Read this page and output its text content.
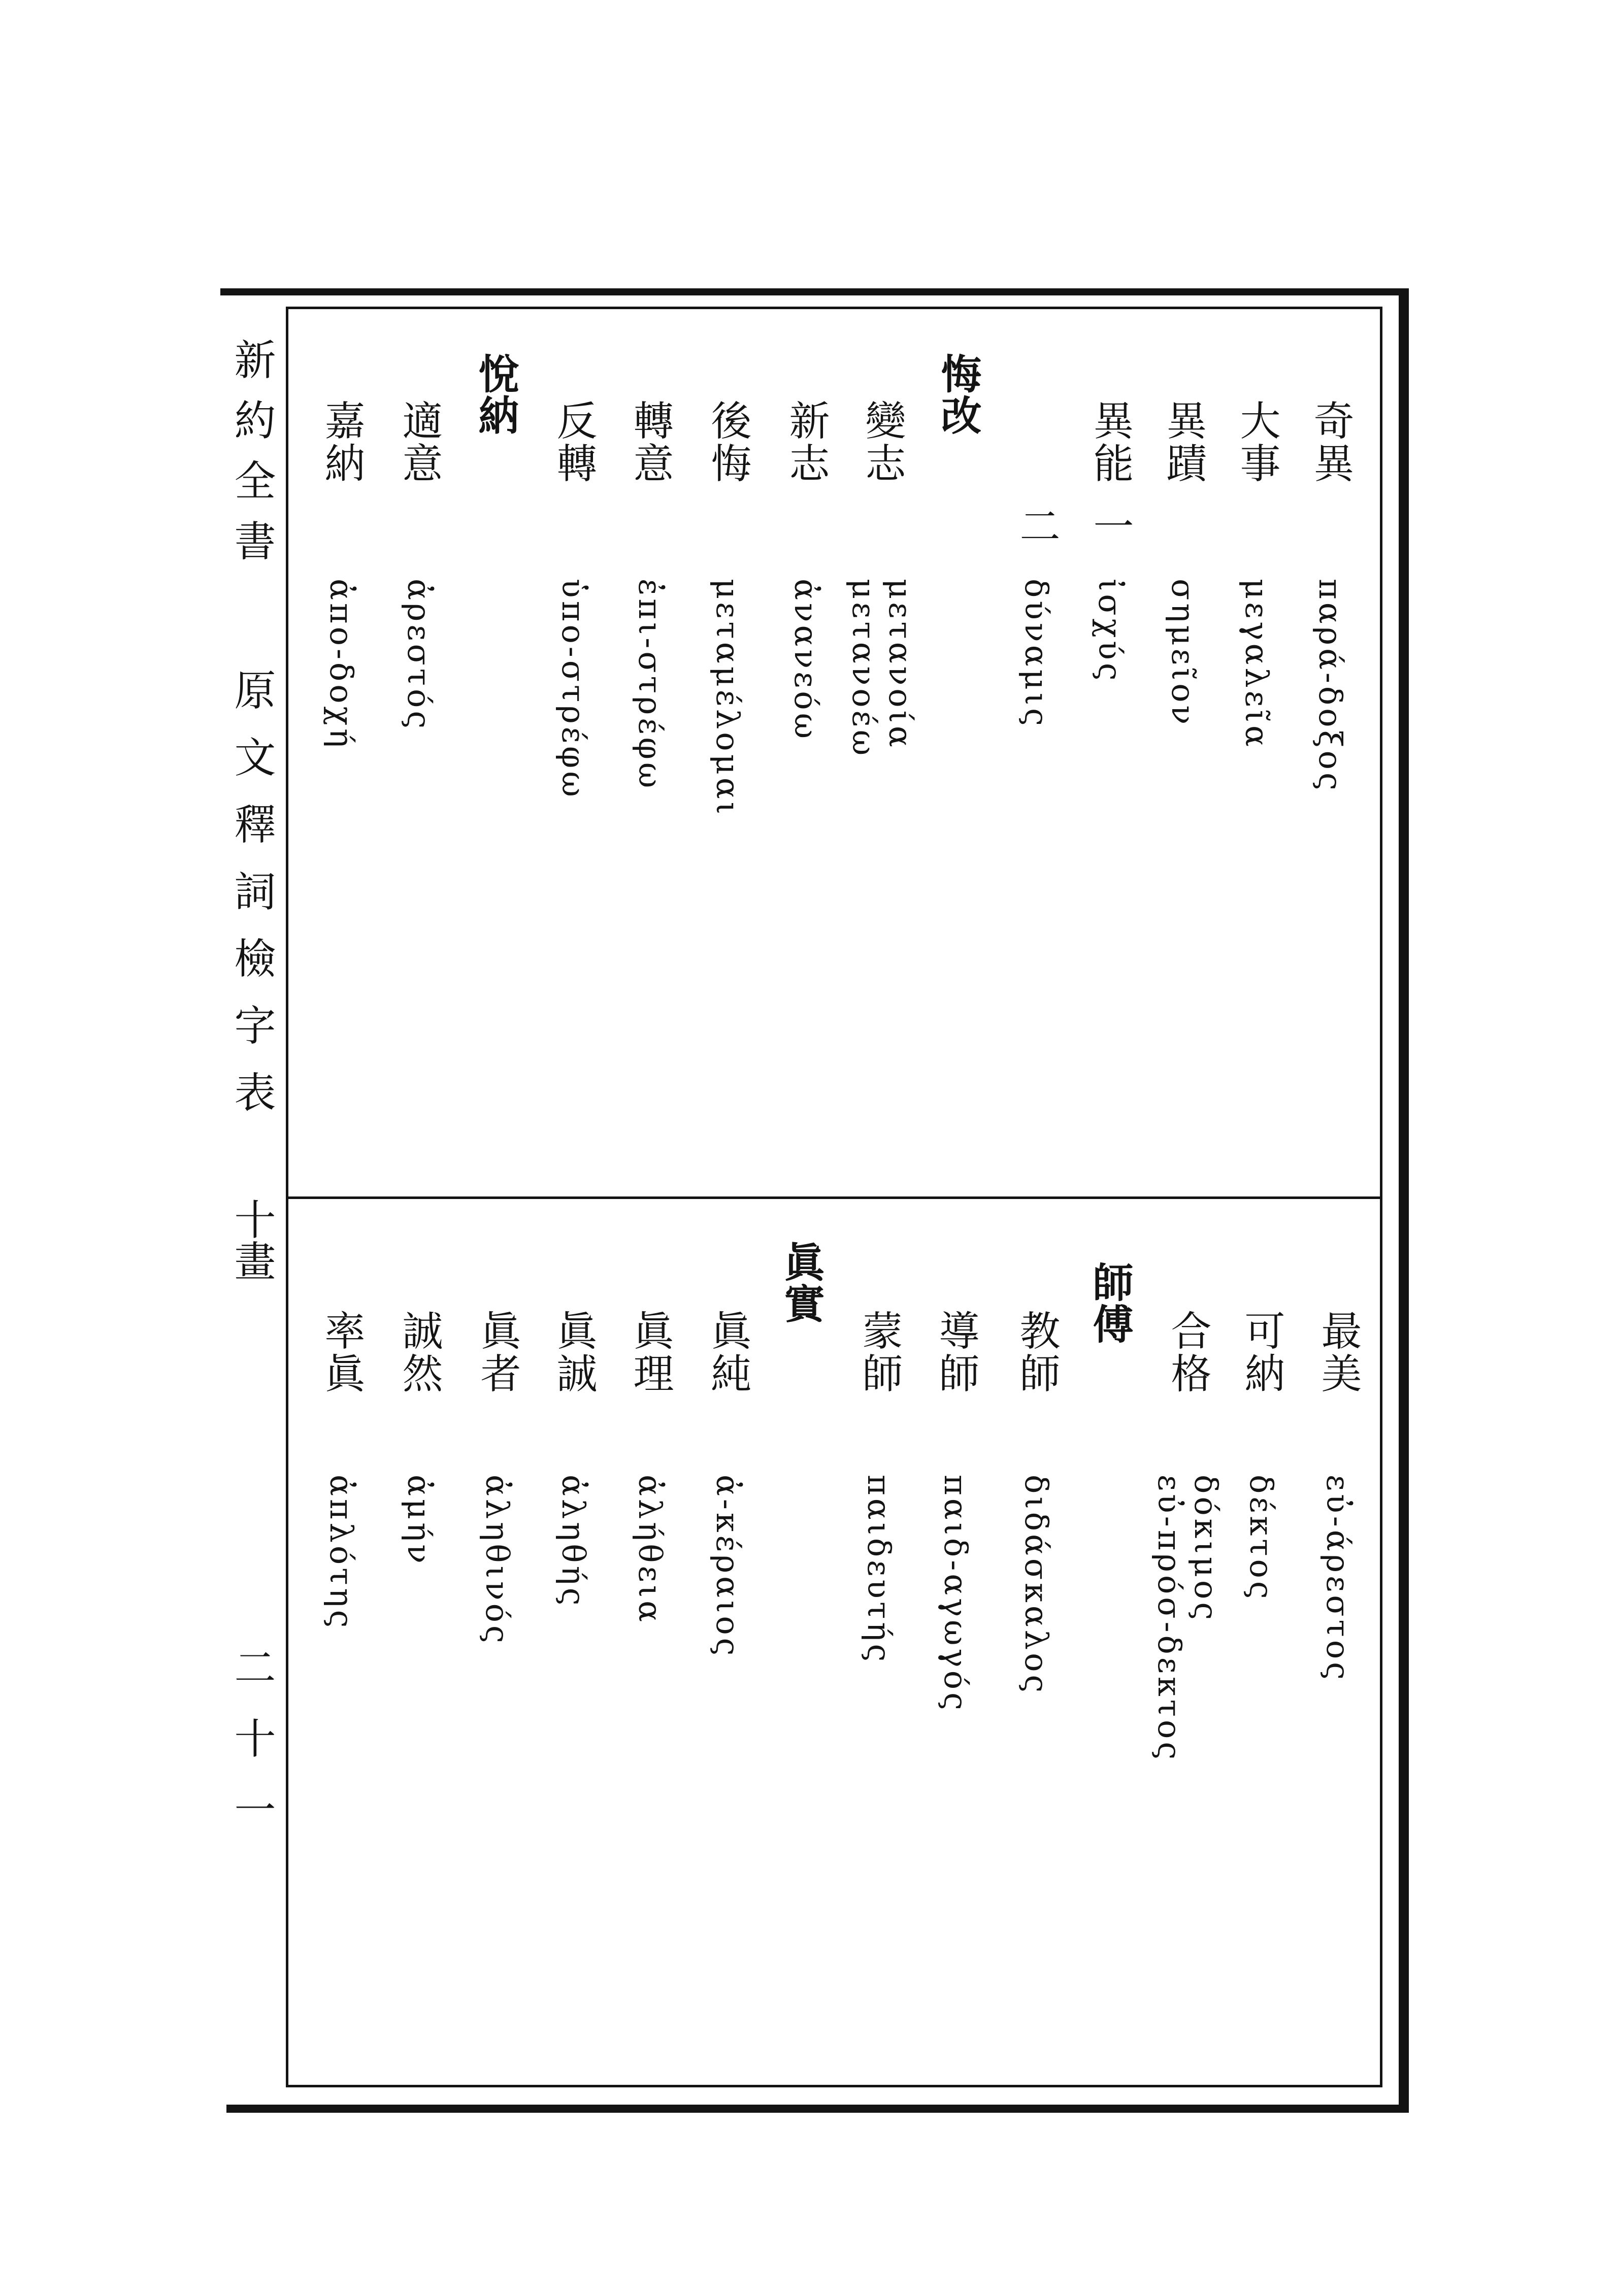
新約全書
原文釋詞檢字表
十畫
二十一
奇異
παρά-δοξος
大事
μεγαλεῖα
異蹟
σημεῖον
異能
一
ἰσχύς
二
δύναμις
悔改
變志
μετανοία
μετανοέω
新志
ἀνανεόω
後悔
μεταμέλομαι
轉意
ἐπι-στρέφω
反轉
ὑπο-στρέφω
悅納
適意
ἀρεστός
嘉納
ἀπο-δοχή
最美
εὐ-άρεστος
可納
δέκτος
合格
δόκιμος
εὐ-πρόσ-δεκτος
師傅
教師
διδάσκαλος
導師
παιδ-αγωγός
蒙師
παιδευτής
眞實
眞純
ἀ-κέραιος
眞理
ἀλήθεια
眞誠
ἀληθής
眞者
ἀληθινός
誠然
ἀμήν
率眞
ἀπλότης
